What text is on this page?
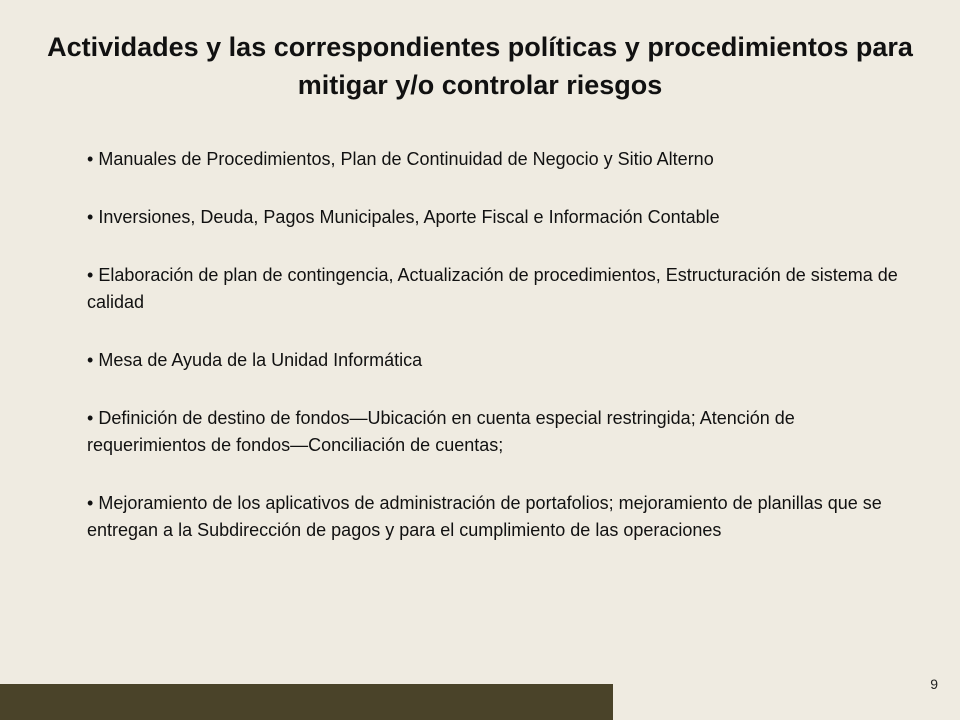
Actividades y las correspondientes políticas y procedimientos para mitigar y/o controlar riesgos
• Manuales de Procedimientos, Plan de Continuidad de Negocio y Sitio Alterno
• Inversiones, Deuda, Pagos Municipales, Aporte Fiscal e Información Contable
• Elaboración de plan de contingencia, Actualización de procedimientos, Estructuración de sistema de calidad
• Mesa de Ayuda de la Unidad Informática
• Definición de destino de fondos—Ubicación en cuenta especial restringida; Atención de requerimientos de fondos—Conciliación de cuentas;
• Mejoramiento de los aplicativos de administración de portafolios; mejoramiento de planillas que se entregan a la Subdirección de pagos y para el cumplimiento de las operaciones
9
